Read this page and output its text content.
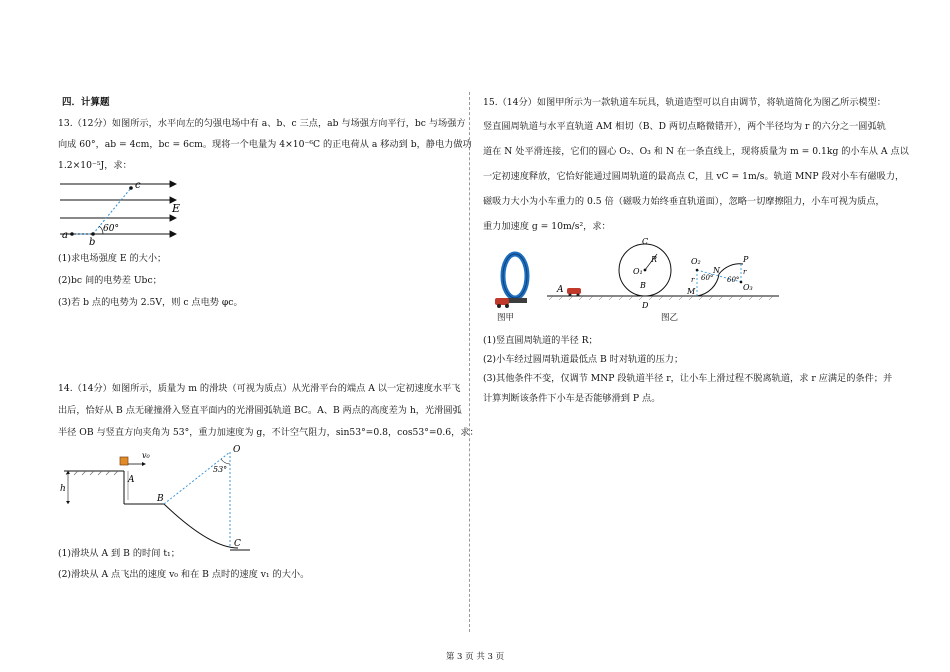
四．计算题
13.（12分）如图所示，水平向左的匀强电场中有 a、b、c 三点，ab 与场强方向平行，bc 与场强方
向成 60°，ab = 4cm，bc = 6cm。现将一个电量为 4×10⁻⁶C 的正电荷从 a 移动到 b，静电力做功
1.2×10⁻⁵J，求：
a
b
c
E
60°
(1)求电场强度 E 的大小；
(2)bc 间的电势差 Ubc；
(3)若 b 点的电势为 2.5V，则 c 点电势 φc。
14.（14分）如图所示，质量为 m 的滑块（可视为质点）从光滑平台的端点 A 以一定初速度水平飞
出后，恰好从 B 点无碰撞滑入竖直平面内的光滑圆弧轨道 BC。A、B 两点的高度差为 h，光滑圆弧
半径 OB 与竖直方向夹角为 53°，重力加速度为 g，不计空气阻力，sin53°=0.8，cos53°=0.6，求：
v₀
A
B
O
C
h
53°
(1)滑块从 A 到 B 的时间 t₁；
(2)滑块从 A 点飞出的速度 v₀ 和在 B 点时的速度 v₁ 的大小。
15.（14分）如图甲所示为一款轨道车玩具，轨道造型可以自由调节，将轨道简化为图乙所示模型：
竖直圆周轨道与水平直轨道 AM 相切（B、D 两切点略微错开），两个半径均为 r 的六分之一圆弧轨
道在 N 处平滑连接，它们的圆心 O₂、O₃ 和 N 在一条直线上，现将质量为 m = 0.1kg 的小车从 A 点以
一定初速度释放，它恰好能通过圆周轨道的最高点 C，且 vC = 1m/s。轨道 MNP 段对小车有磁吸力，
磁吸力大小为小车重力的 0.5 倍（磁吸力始终垂直轨道面），忽略一切摩擦阻力，小车可视为质点，
重力加速度 g = 10m/s²，求：
图甲
A	B
C
D
R
O₁
O₂
O₃
M
N
P
r
r
60° 60°
图乙
(1)竖直圆周轨道的半径 R；
(2)小车经过圆周轨道最低点 B 时对轨道的压力；
(3)其他条件不变，仅调节 MNP 段轨道半径 r，让小车上滑过程不脱离轨道，求 r 应满足的条件；并
计算判断该条件下小车是否能够滑到 P 点。
第 3 页 共 3 页
